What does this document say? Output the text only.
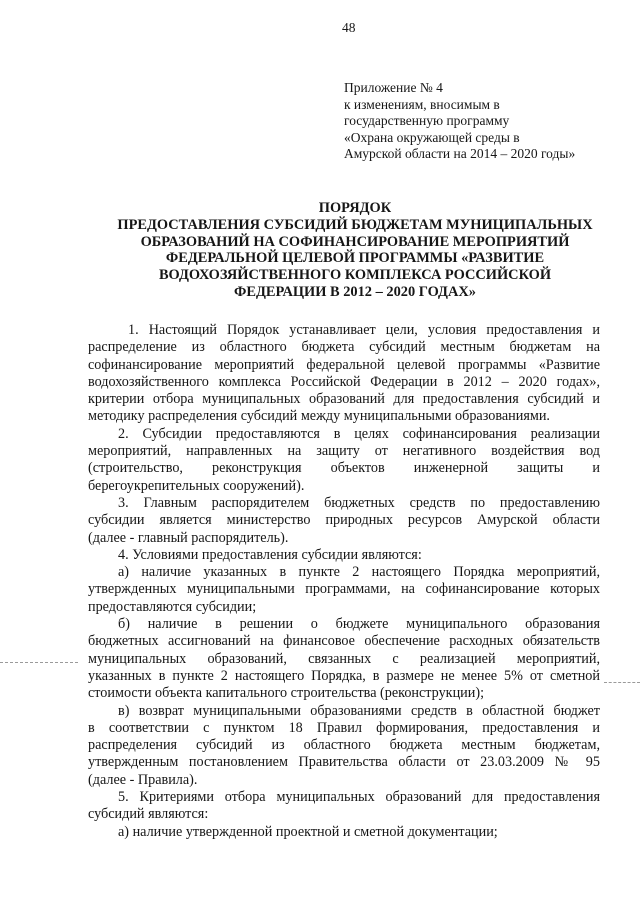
48
Приложение № 4
к изменениям, вносимым в
государственную программу
«Охрана окружающей среды в
Амурской области на 2014 – 2020 годы»
ПОРЯДОК
ПРЕДОСТАВЛЕНИЯ СУБСИДИЙ БЮДЖЕТАМ МУНИЦИПАЛЬНЫХ
ОБРАЗОВАНИЙ НА СОФИНАНСИРОВАНИЕ МЕРОПРИЯТИЙ
ФЕДЕРАЛЬНОЙ ЦЕЛЕВОЙ ПРОГРАММЫ «РАЗВИТИЕ
ВОДОХОЗЯЙСТВЕННОГО КОМПЛЕКСА РОССИЙСКОЙ
ФЕДЕРАЦИИ В 2012 – 2020 ГОДАХ»
1. Настоящий Порядок устанавливает цели, условия предоставления и
распределение из областного бюджета субсидий местным бюджетам на
софинансирование мероприятий федеральной целевой программы «Развитие
водохозяйственного комплекса Российской Федерации в 2012 – 2020 годах»,
критерии отбора муниципальных образований для предоставления субсидий и
методику распределения субсидий между муниципальными образованиями.
2. Субсидии предоставляются в целях софинансирования реализации
мероприятий, направленных на защиту от негативного воздействия вод
(строительство, реконструкция объектов инженерной защиты и
берегоукрепительных сооружений).
3. Главным распорядителем бюджетных средств по предоставлению
субсидии является министерство природных ресурсов Амурской области
(далее - главный распорядитель).
4. Условиями предоставления субсидии являются:
а) наличие указанных в пункте 2 настоящего Порядка мероприятий,
утвержденных муниципальными программами, на софинансирование которых
предоставляются субсидии;
б) наличие в решении о бюджете муниципального образования
бюджетных ассигнований на финансовое обеспечение расходных обязательств
муниципальных образований, связанных с реализацией мероприятий,
указанных в пункте 2 настоящего Порядка, в размере не менее 5% от сметной
стоимости объекта капитального строительства (реконструкции);
в) возврат муниципальными образованиями средств в областной бюджет
в соответствии с пунктом 18 Правил формирования, предоставления и
распределения субсидий из областного бюджета местным бюджетам,
утвержденным постановлением Правительства области от 23.03.2009 № 95
(далее - Правила).
5. Критериями отбора муниципальных образований для предоставления
субсидий являются:
а) наличие утвержденной проектной и сметной документации;
